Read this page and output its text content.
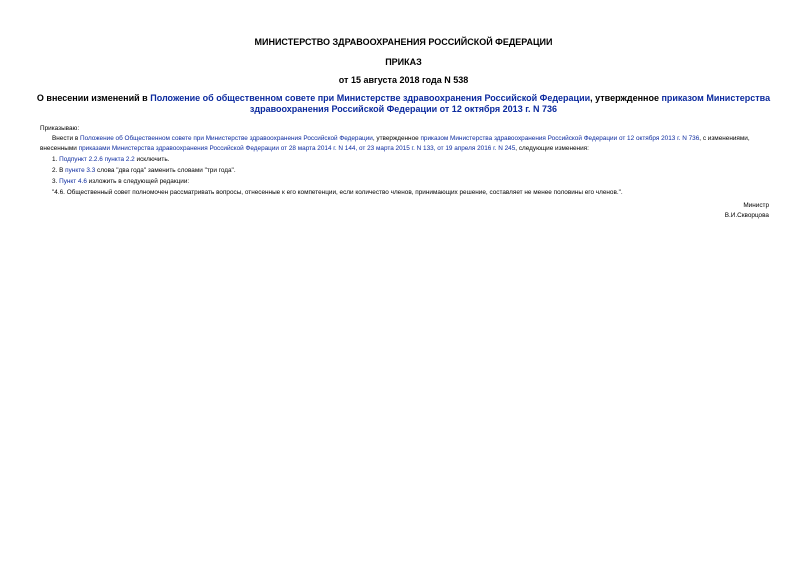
МИНИСТЕРСТВО ЗДРАВООХРАНЕНИЯ РОССИЙСКОЙ ФЕДЕРАЦИИ
ПРИКАЗ
от 15 августа 2018 года N 538
О внесении изменений в Положение об общественном совете при Министерстве здравоохранения Российской Федерации, утвержденное приказом Министерства здравоохранения Российской Федерации от 12 октября 2013 г. N 736
Приказываю:
Внести в Положение об Общественном совете при Министерстве здравоохранения Российской Федерации, утвержденное приказом Министерства здравоохранения Российской Федерации от 12 октября 2013 г. N 736, с изменениями, внесенными приказами Министерства здравоохранения Российской Федерации от 28 марта 2014 г. N 144, от 23 марта 2015 г. N 133, от 19 апреля 2016 г. N 245, следующие изменения:
1. Подпункт 2.2.6 пункта 2.2 исключить.
2. В пункте 3.3 слова "два года" заменить словами "три года".
3. Пункт 4.6 изложить в следующей редакции:
"4.6. Общественный совет полномочен рассматривать вопросы, отнесенные к его компетенции, если количество членов, принимающих решение, составляет не менее половины его членов.".
Министр
В.И.Скворцова
